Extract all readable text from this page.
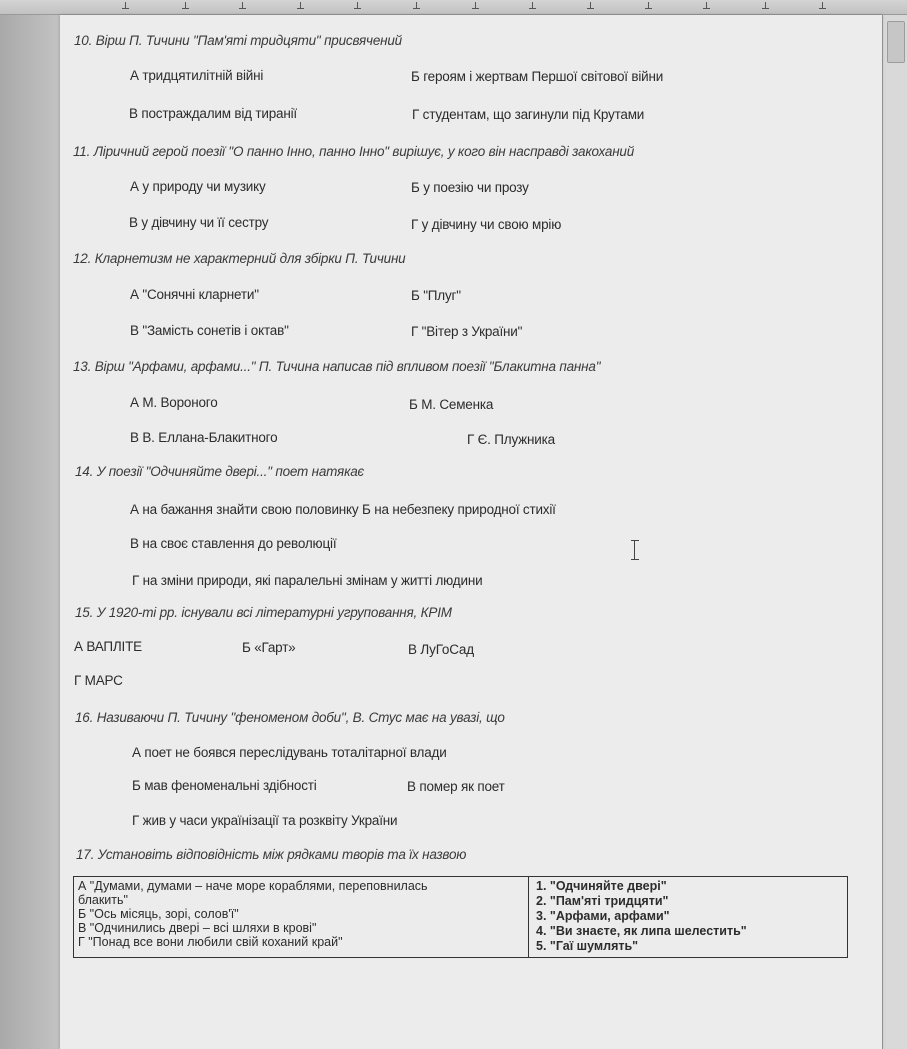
10. Вірш П. Тичини "Пам'яті тридцяти" присвячений
А тридцятилітній війні	Б героям і жертвам Першої світової війни
В постраждалим від тиранії	Г студентам, що загинули під Крутами
11. Ліричний герой поезії "О панно Інно, панно Інно" вирішує, у кого він насправді закоханий
А у природу чи музику	Б у поезію чи прозу
В у дівчину чи її сестру	Г у дівчину чи свою мрію
12. Кларнетизм не характерний для збірки П. Тичини
А "Сонячні кларнети"	Б "Плуг"
В "Замість сонетів і октав"	Г "Вітер з України"
13. Вірш "Арфами, арфами..." П. Тичина написав під впливом поезії "Блакитна панна"
А М. Вороного	Б М. Семенка
В В. Еллана-Блакитного	Г Є. Плужника
14. У поезії "Одчиняйте двері..." поет натякає
А на бажання знайти свою половинку Б на небезпеку природної стихії
В на своє ставлення до революції
Г на зміни природи, які паралельні змінам у житті людини
15. У 1920-ті рр. існували всі літературні угруповання, КРІМ
А ВАПЛІТЕ	Б «Гарт»	В ЛуГоСад
Г МАРС
16. Називаючи П. Тичину "феноменом доби", В. Стус має на увазі, що
А поет не боявся переслідувань тоталітарної влади
Б мав феноменальні здібності	В помер як поет
Г жив у часи українізації та розквіту України
17. Установіть відповідність між рядками творів та їх назвою
А "Думами, думами – наче море кораблями, переповнилась
блакить"
Б "Ось місяць, зорі, солов'ї"
В "Одчинились двері – всі шляхи в крові"
Г "Понад все вони любили свій коханий край"

1. "Одчиняйте двері"
2. "Пам'яті тридцяти"
3. "Арфами, арфами"
4. "Ви знаєте, як липа шелестить"
5. "Гаї шумлять"
